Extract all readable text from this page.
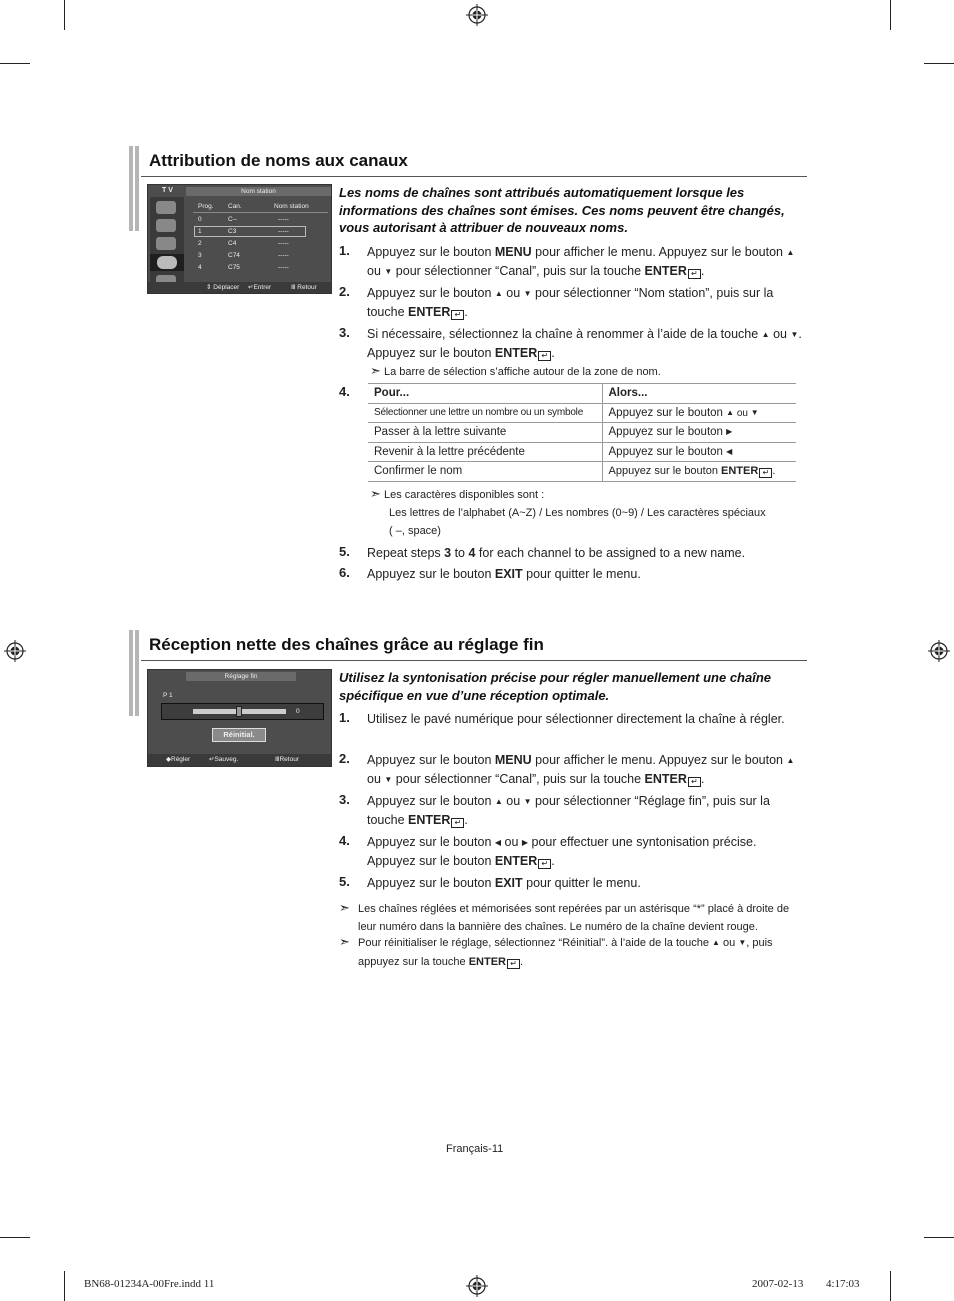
Attribution de noms aux canaux
T V	Nom station
Prog. Can.	Nom station
0	C--	-----
1	C3	-----
2	C4	-----
3	C74	-----
4	C75	-----
⇕ Déplacer ↵Entrer	Ⅲ Retour
Les noms de chaînes sont attribués automatiquement lorsque les informations des chaînes sont émises. Ces noms peuvent être changés, vous autorisant à attribuer de nouveaux noms.
1. Appuyez sur le bouton MENU pour afficher le menu. Appuyez sur le bouton ▲ ou ▼ pour sélectionner “Canal”, puis sur la touche ENTER ↵ .
2. Appuyez sur le bouton ▲ ou ▼ pour sélectionner “Nom station”, puis sur la touche ENTER ↵ .
3. Si nécessaire, sélectionnez la chaîne à renommer à l’aide de la touche ▲ ou ▼. Appuyez sur le bouton ENTER ↵ .
➣ La barre de sélection s’affiche autour de la zone de nom.
4. Pour...	Alors...
Sélectionner une lettre un nombre ou un symbole	Appuyez sur le bouton ▲ ou ▼
Passer à la lettre suivante	Appuyez sur le bouton ▶
Revenir à la lettre précédente	Appuyez sur le bouton ◀
Confirmer le nom	Appuyez sur le bouton ENTER ↵ .
➣ Les caractères disponibles sont :
Les lettres de l’alphabet (A~Z) / Les nombres (0~9) / Les caractères spéciaux
( –, space)
5. Repeat steps 3 to 4 for each channel to be assigned to a new name.
6. Appuyez sur le bouton EXIT pour quitter le menu.
Réception nette des chaînes grâce au réglage fin
Réglage fin
P 1
0
Réinitial.
◆Régler	↵Sauveg.	ⅢRetour
Utilisez la syntonisation précise pour régler manuellement une chaîne spécifique en vue d’une réception optimale.
1. Utilisez le pavé numérique pour sélectionner directement la chaîne à régler.
2. Appuyez sur le bouton MENU pour afficher le menu. Appuyez sur le bouton ▲ ou ▼ pour sélectionner “Canal”, puis sur la touche ENTER ↵ .
3. Appuyez sur le bouton ▲ ou ▼ pour sélectionner “Réglage fin”, puis sur la touche ENTER ↵ .
4. Appuyez sur le bouton ◀ ou ▶ pour effectuer une syntonisation précise. Appuyez sur le bouton ENTER ↵ .
5. Appuyez sur le bouton EXIT pour quitter le menu.
➣ Les chaînes réglées et mémorisées sont repérées par un astérisque “*” placé à droite de leur numéro dans la bannière des chaînes. Le numéro de la chaîne devient rouge.
➣ Pour réinitialiser le réglage, sélectionnez “Réinitial”. à l’aide de la touche ▲ ou ▼, puis appuyez sur la touche ENTER ↵ .
Français-11
BN68-01234A-00Fre.indd 11	2007-02-13 ￿￿ 4:17:03
